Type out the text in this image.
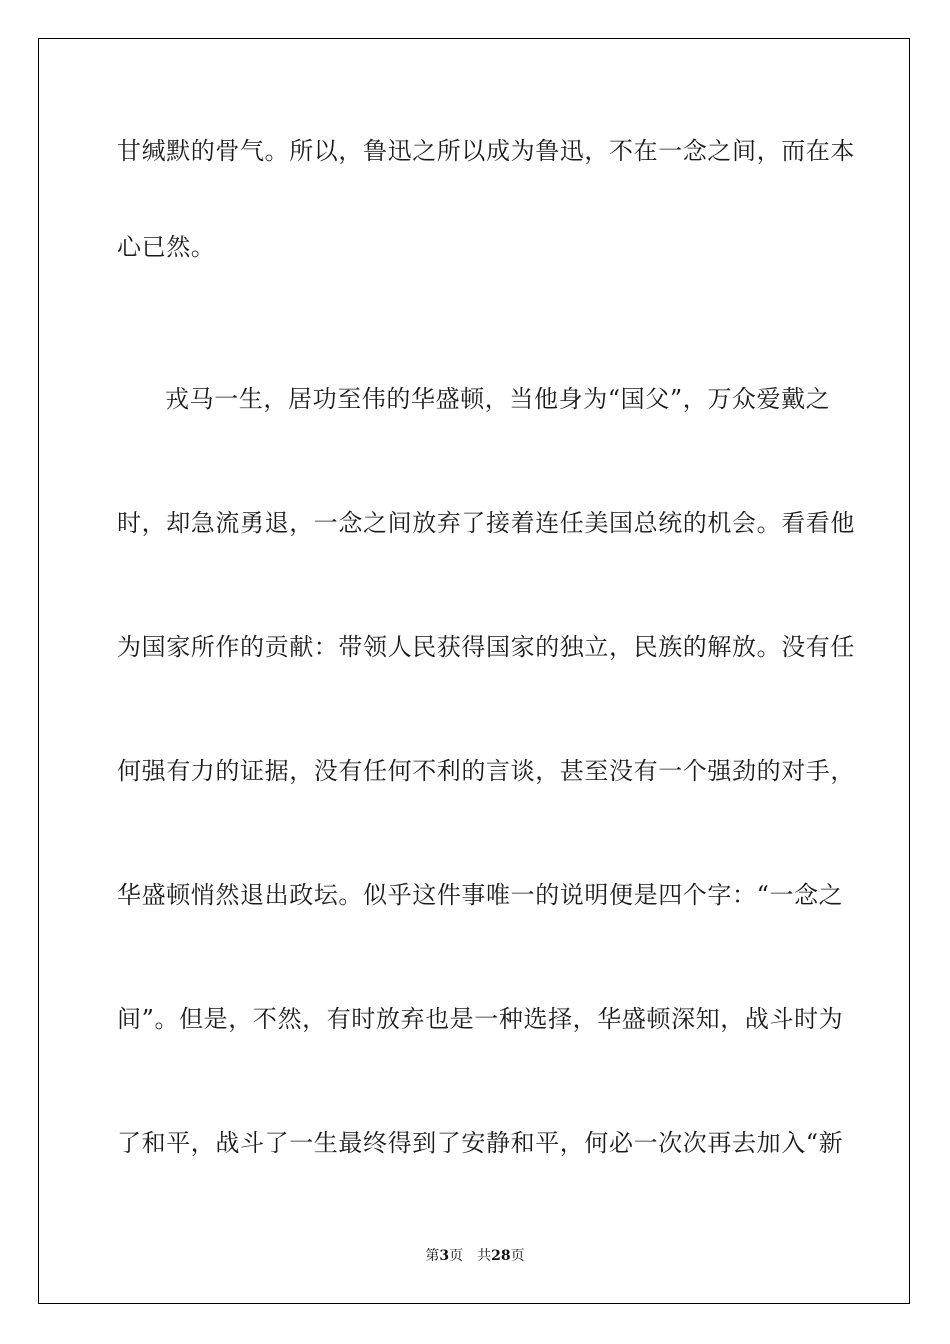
甘缄默的骨气。所以，鲁迅之所以成为鲁迅，不在一念之间，而在本
心已然。
戎马一生，居功至伟的华盛顿，当他身为“国父”，万众爱戴之
时，却急流勇退，一念之间放弃了接着连任美国总统的机会。看看他
为国家所作的贡献：带领人民获得国家的独立，民族的解放。没有任
何强有力的证据，没有任何不利的言谈，甚至没有一个强劲的对手，
华盛顿悄然退出政坛。似乎这件事唯一的说明便是四个字：“一念之
间”。但是，不然，有时放弃也是一种选择，华盛顿深知，战斗时为
了和平，战斗了一生最终得到了安静和平，何必一次次再去加入“新
第3页 共28页
